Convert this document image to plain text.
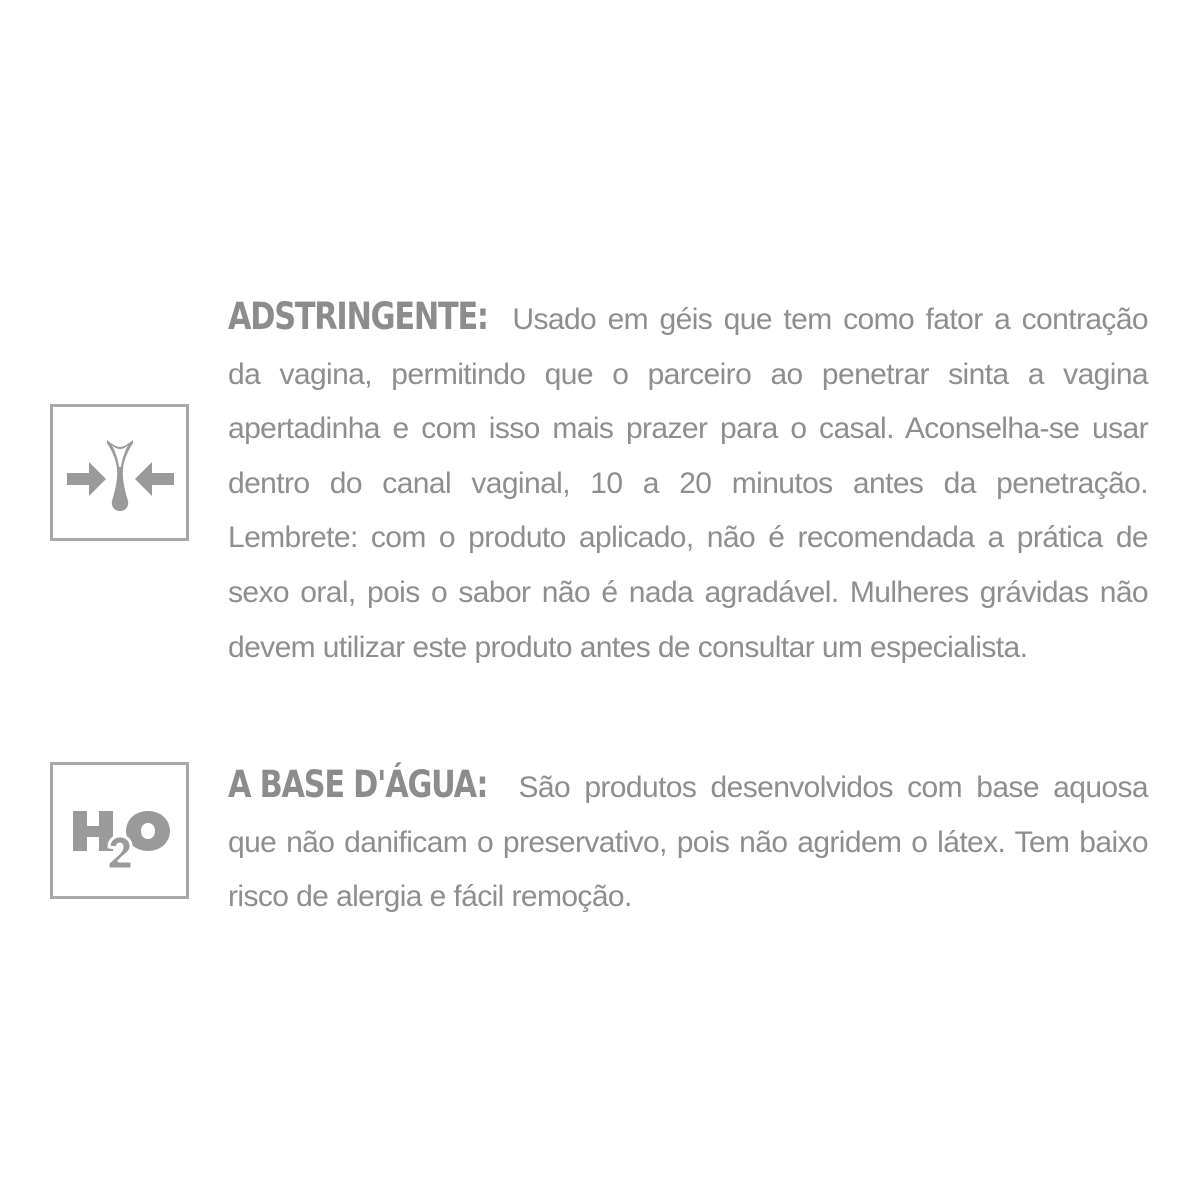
ADSTRINGENTE: Usado em géis que tem como fator a contração da vagina, permitindo que o parceiro ao penetrar sinta a vagina apertadinha e com isso mais prazer para o casal. Aconselha-se usar dentro do canal vaginal, 10 a 20 minutos antes da penetração. Lembrete: com o produto aplicado, não é recomendada a prática de sexo oral, pois o sabor não é nada agradável. Mulheres grávidas não devem utilizar este produto antes de consultar um especialista.
A BASE D'ÁGUA: São produtos desenvolvidos com base aquosa que não danificam o preservativo, pois não agridem o látex. Tem baixo risco de alergia e fácil remoção.
